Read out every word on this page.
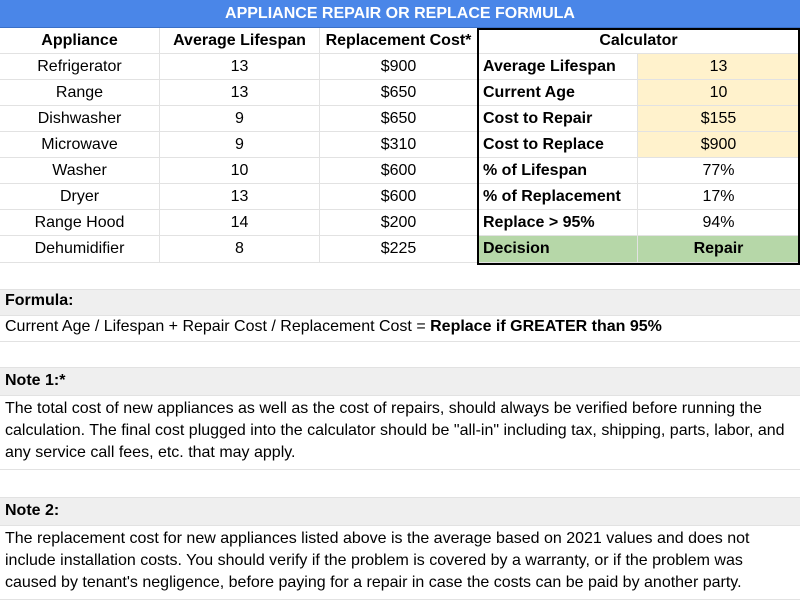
APPLIANCE REPAIR OR REPLACE FORMULA
Appliance	Average Lifespan	Replacement Cost*	Calculator
Refrigerator	13	$900	Average Lifespan	13
Range	13	$650	Current Age	10
Dishwasher	9	$650	Cost to Repair	$155
Microwave	9	$310	Cost to Replace	$900
Washer	10	$600	% of Lifespan	77%
Dryer	13	$600	% of Replacement	17%
Range Hood	14	$200	Replace > 95%	94%
Dehumidifier	8	$225	Decision	Repair
Formula:
Current Age / Lifespan + Repair Cost / Replacement Cost = Replace if GREATER than 95%
Note 1:*
The total cost of new appliances as well as the cost of repairs, should always be verified before running the calculation. The final cost plugged into the calculator should be "all-in" including tax, shipping, parts, labor, and any service call fees, etc. that may apply.
Note 2:
The replacement cost for new appliances listed above is the average based on 2021 values and does not include installation costs. You should verify if the problem is covered by a warranty, or if the problem was caused by tenant's negligence, before paying for a repair in case the costs can be paid by another party.
